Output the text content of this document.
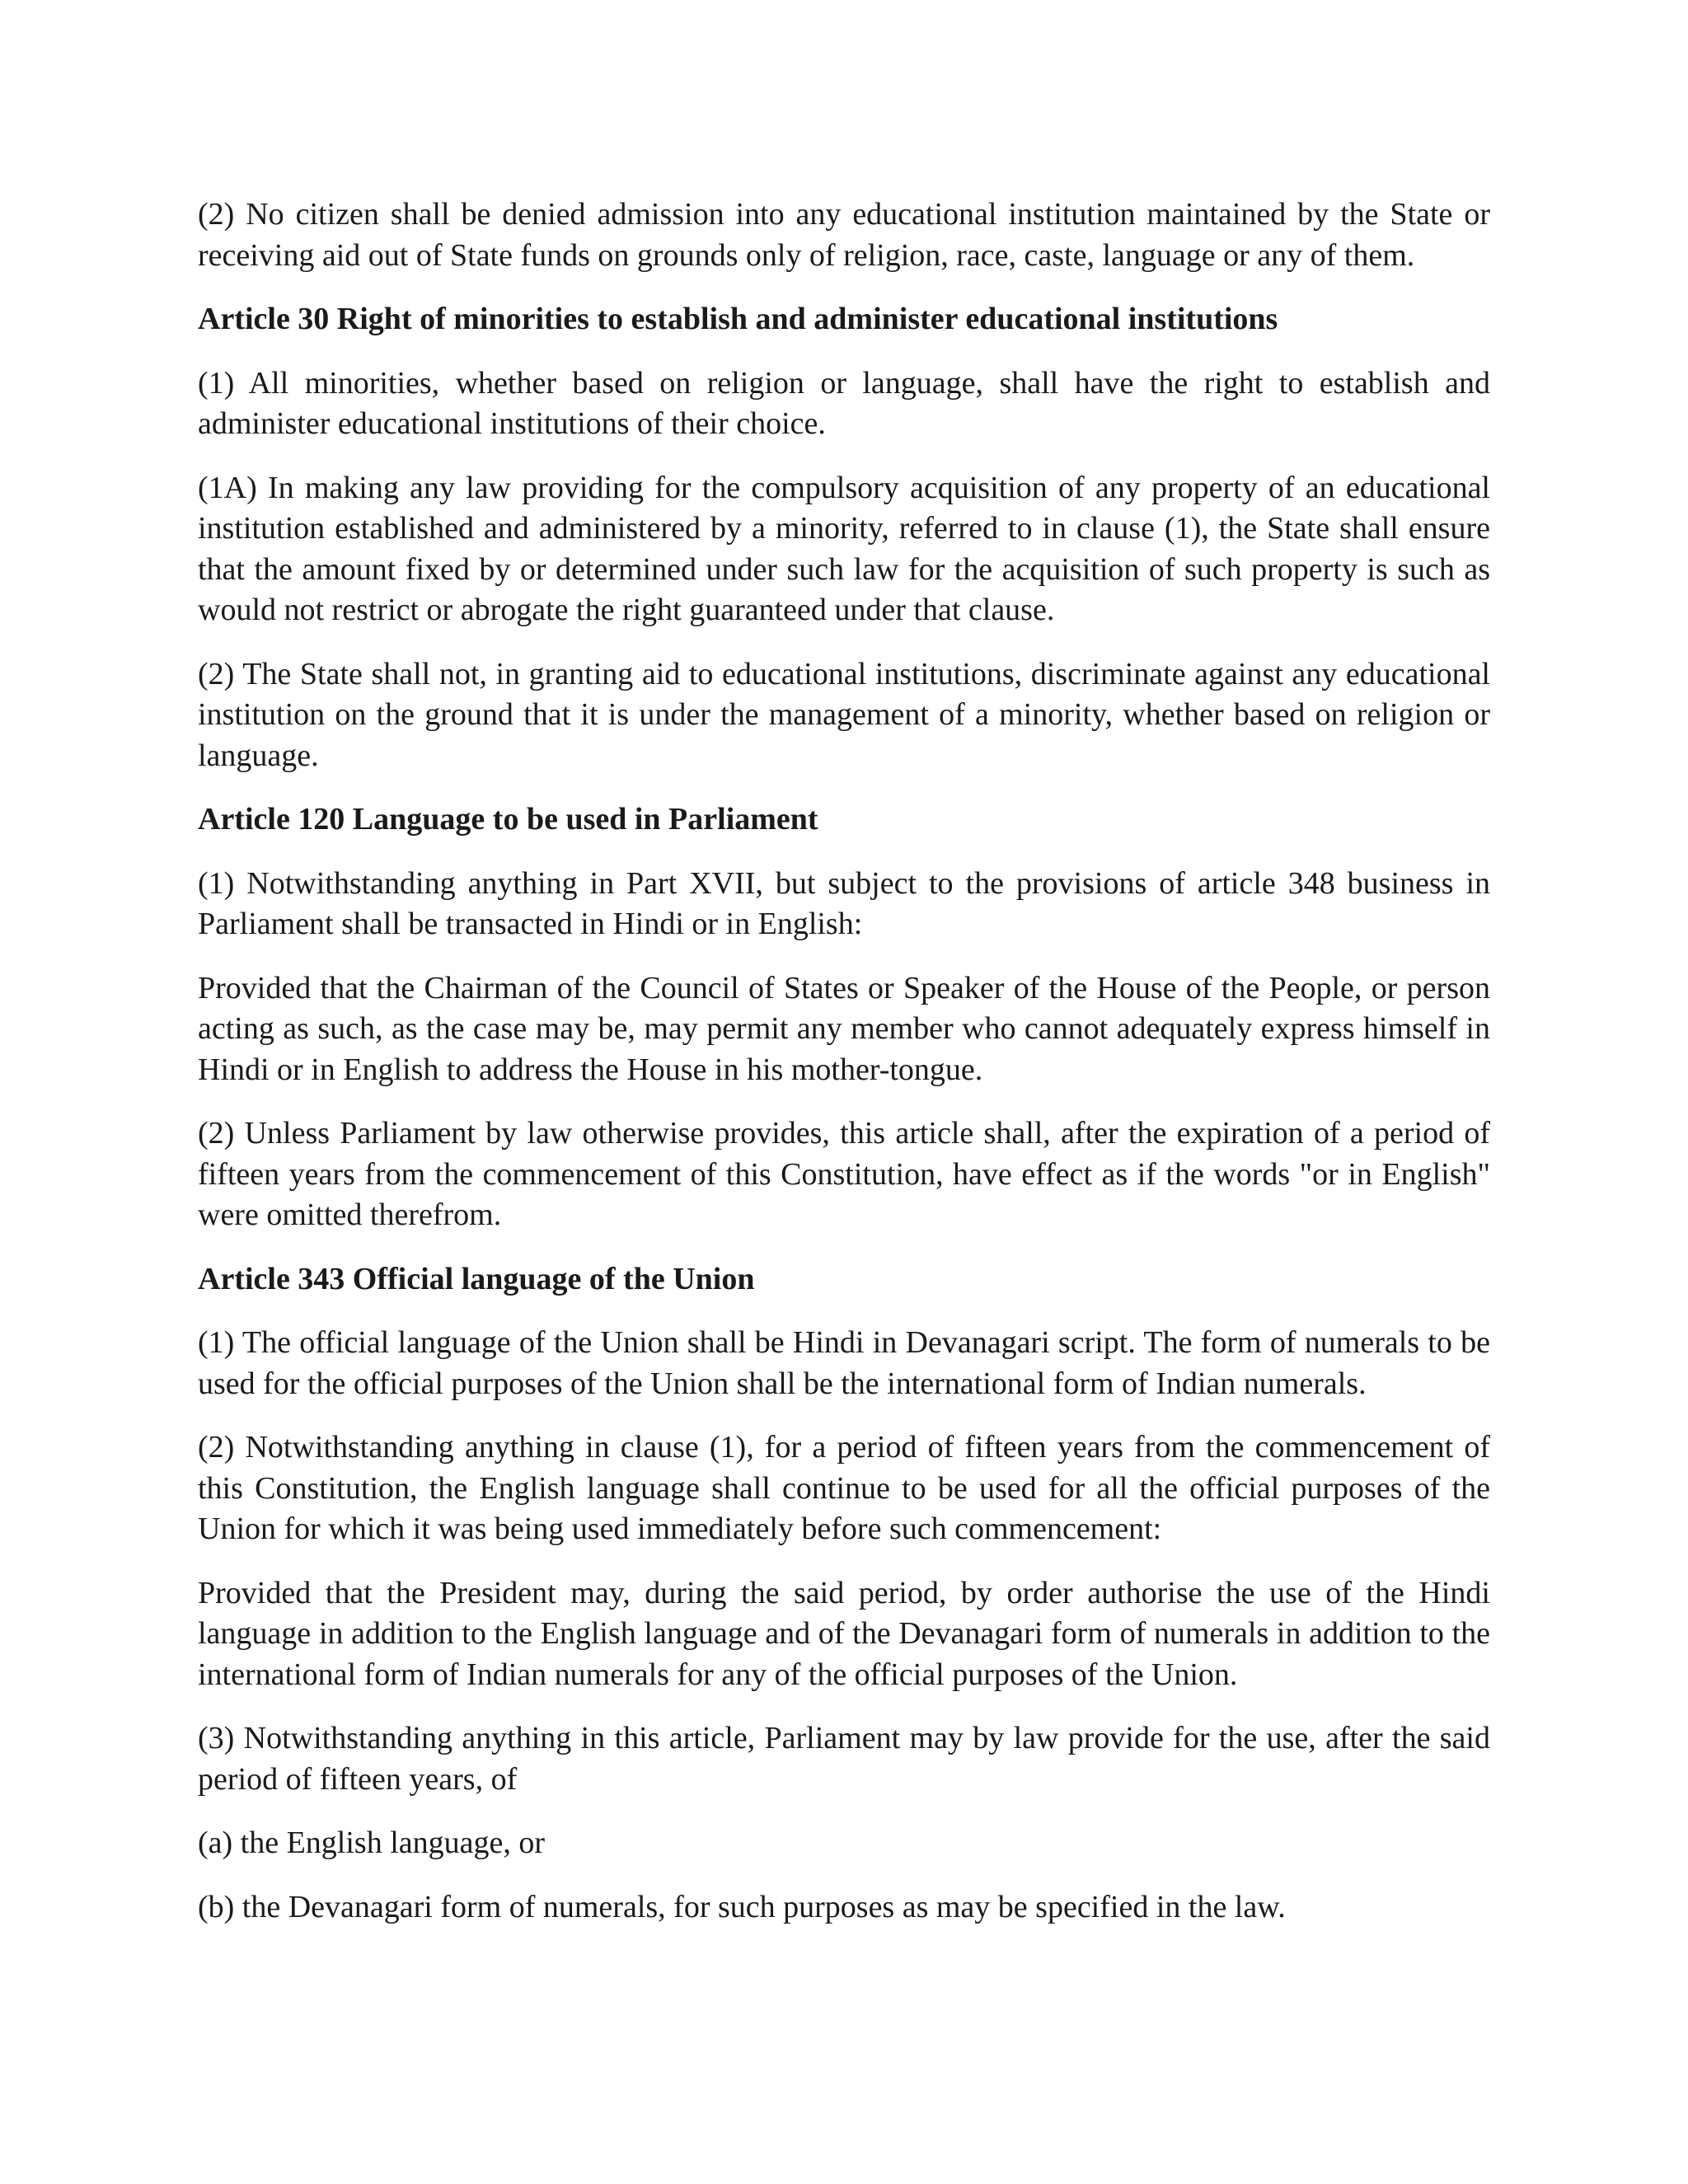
(2) No citizen shall be denied admission into any educational institution maintained by the State or receiving aid out of State funds on grounds only of religion, race, caste, language or any of them.

Article 30 Right of minorities to establish and administer educational institutions

(1) All minorities, whether based on religion or language, shall have the right to establish and administer educational institutions of their choice.

(1A) In making any law providing for the compulsory acquisition of any property of an educational institution established and administered by a minority, referred to in clause (1), the State shall ensure that the amount fixed by or determined under such law for the acquisition of such property is such as would not restrict or abrogate the right guaranteed under that clause.

(2) The State shall not, in granting aid to educational institutions, discriminate against any educational institution on the ground that it is under the management of a minority, whether based on religion or language.

Article 120 Language to be used in Parliament

(1) Notwithstanding anything in Part XVII, but subject to the provisions of article 348 business in Parliament shall be transacted in Hindi or in English:

Provided that the Chairman of the Council of States or Speaker of the House of the People, or person acting as such, as the case may be, may permit any member who cannot adequately express himself in Hindi or in English to address the House in his mother-tongue.

(2) Unless Parliament by law otherwise provides, this article shall, after the expiration of a period of fifteen years from the commencement of this Constitution, have effect as if the words "or in English" were omitted therefrom.

Article 343 Official language of the Union

(1) The official language of the Union shall be Hindi in Devanagari script. The form of numerals to be used for the official purposes of the Union shall be the international form of Indian numerals.

(2) Notwithstanding anything in clause (1), for a period of fifteen years from the commencement of this Constitution, the English language shall continue to be used for all the official purposes of the Union for which it was being used immediately before such commencement:

Provided that the President may, during the said period, by order authorise the use of the Hindi language in addition to the English language and of the Devanagari form of numerals in addition to the international form of Indian numerals for any of the official purposes of the Union.

(3) Notwithstanding anything in this article, Parliament may by law provide for the use, after the said period of fifteen years, of

(a) the English language, or

(b) the Devanagari form of numerals, for such purposes as may be specified in the law.
